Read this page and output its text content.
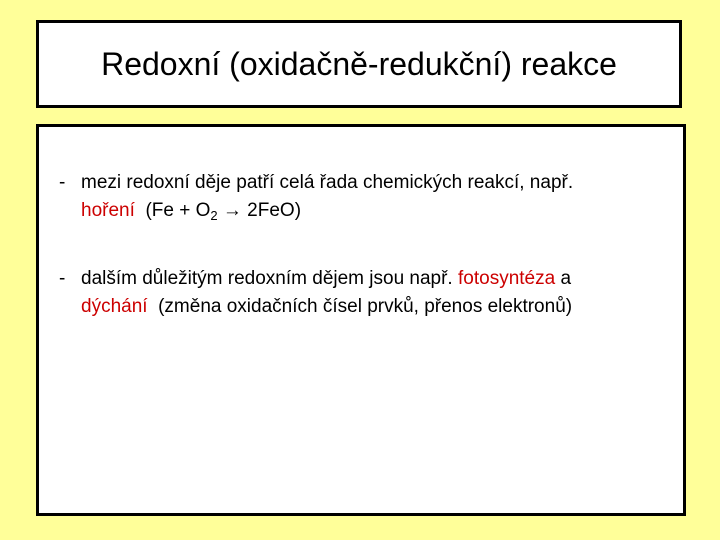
Redoxní (oxidačně-redukční) reakce
- mezi redoxní děje patří celá řada chemických reakcí, např.
hoření $(Fe + O_2 \to 2FeO)$
- dalším důležitým redoxním dějem jsou např. fotosyntéza a
dýchání (změna oxidačních čísel prvků, přenos elektronů)
